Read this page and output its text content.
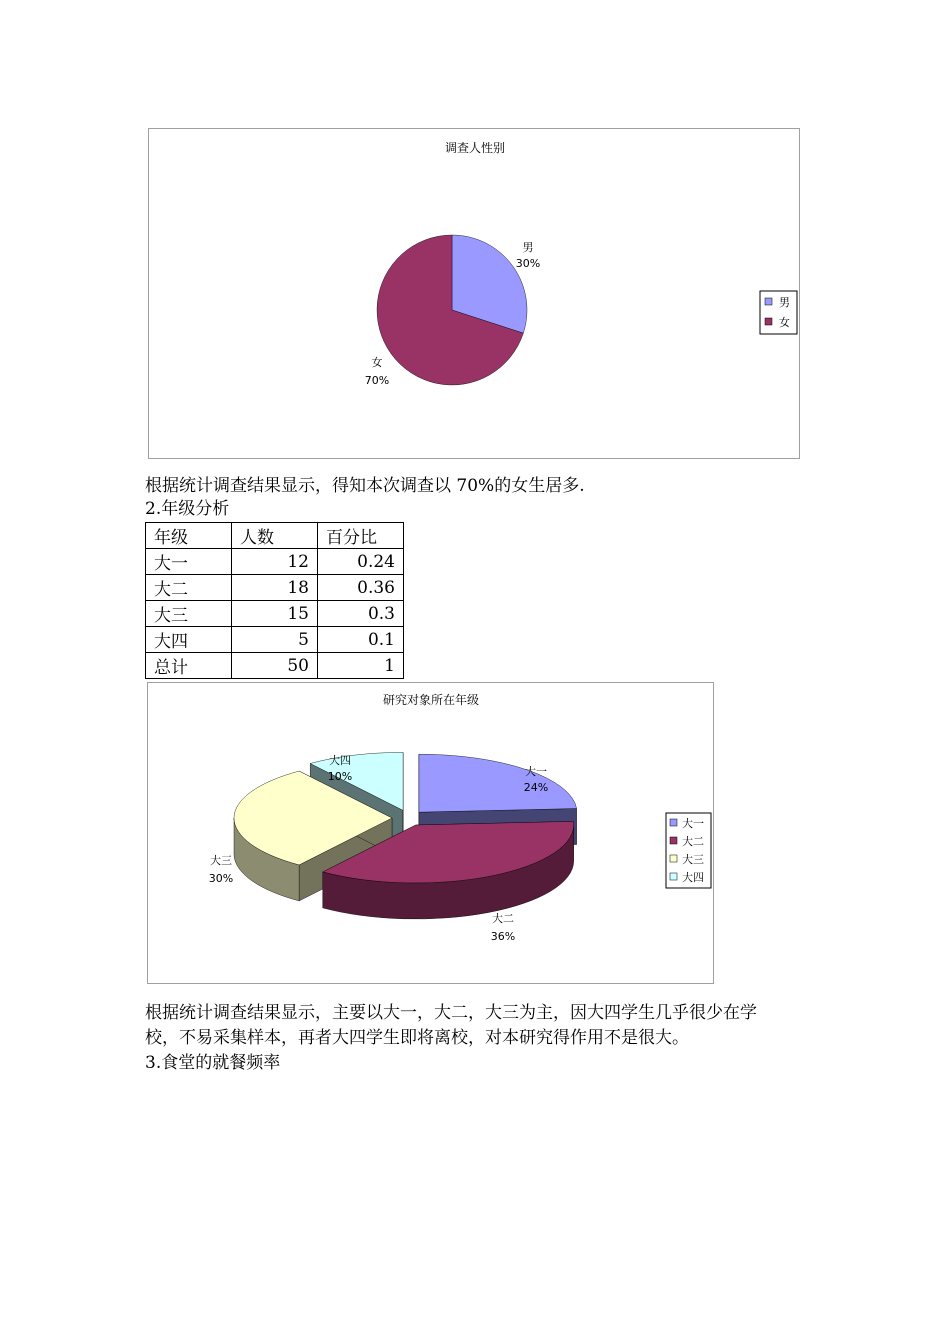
调查人性别
男
30%
女
70%
男
女

根据统计调查结果显示，得知本次调查以 70%的女生居多.

2.年级分析

年级	人数	百分比
大一	12	0.24
大二	18	0.36
大三	15	0.3
大四	5	0.1
总计	50	1
研究对象所在年级
大一
24%
大二
36%
大三
30%
大四
10%
大一
大二
大三
大四

根据统计调查结果显示，主要以大一，大二，大三为主，因大四学生几乎很少在学

校，不易采集样本，再者大四学生即将离校，对本研究得作用不是很大。

3.食堂的就餐频率
